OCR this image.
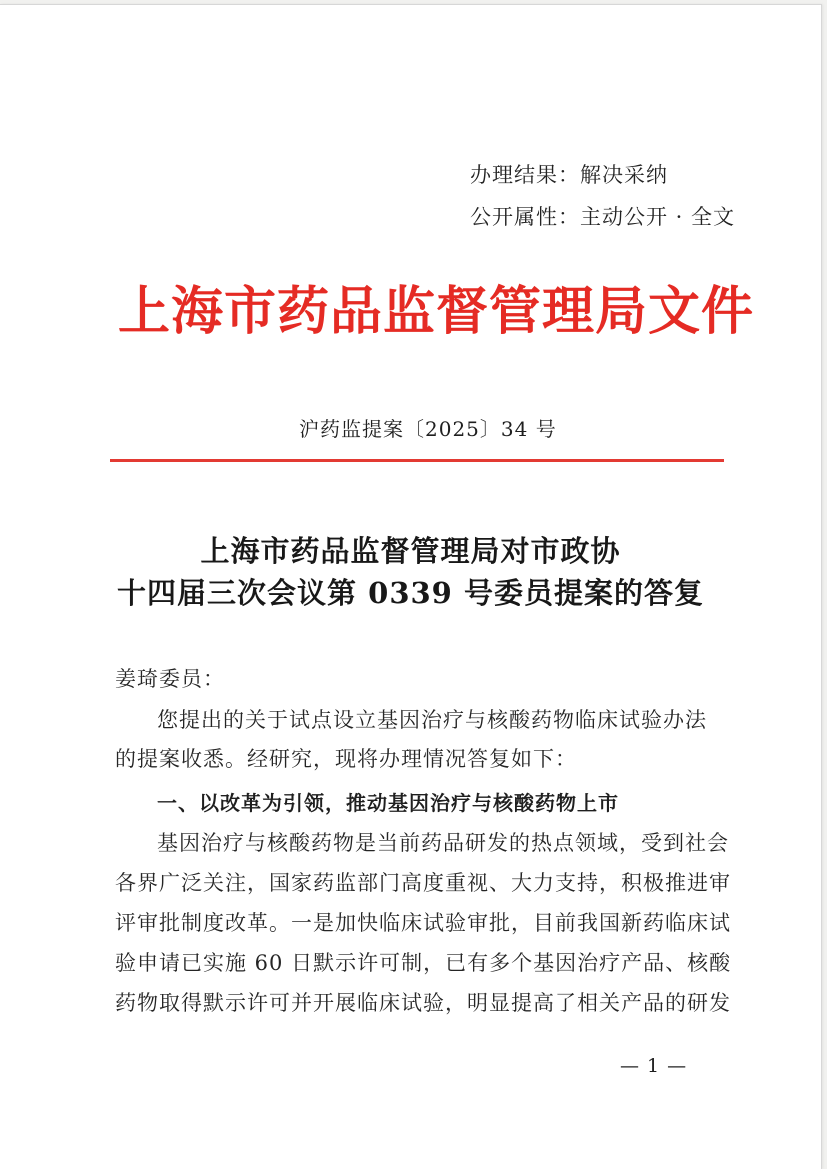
办理结果：解决采纳
公开属性：主动公开 · 全文
上海市药品监督管理局文件
沪药监提案〔2025〕34 号
上海市药品监督管理局对市政协
十四届三次会议第 0339 号委员提案的答复
姜琦委员：
您提出的关于试点设立基因治疗与核酸药物临床试验办法
的提案收悉。经研究，现将办理情况答复如下：
一、以改革为引领，推动基因治疗与核酸药物上市
基因治疗与核酸药物是当前药品研发的热点领域，受到社会
各界广泛关注，国家药监部门高度重视、大力支持，积极推进审
评审批制度改革。一是加快临床试验审批，目前我国新药临床试
验申请已实施 60 日默示许可制，已有多个基因治疗产品、核酸
药物取得默示许可并开展临床试验，明显提高了相关产品的研发
— 1 —
